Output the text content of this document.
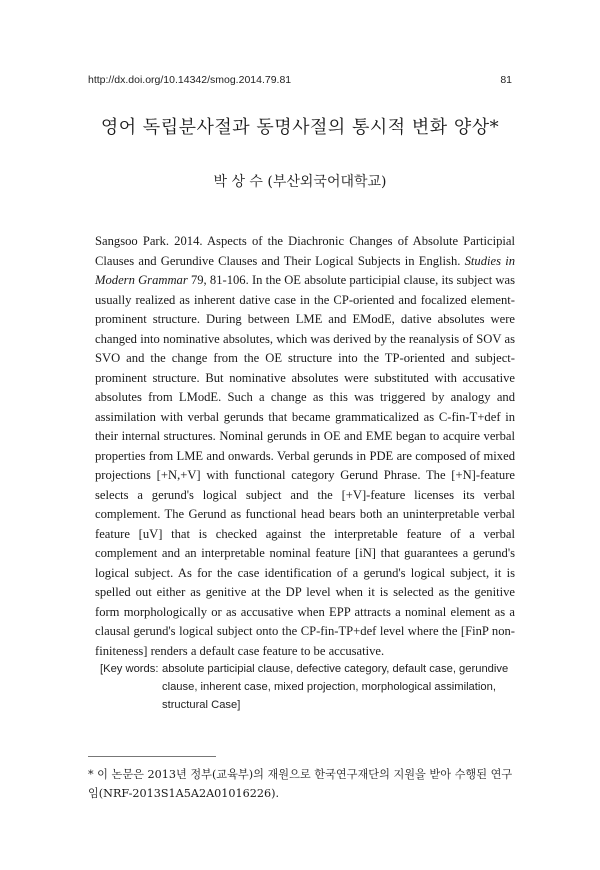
http://dx.doi.org/10.14342/smog.2014.79.81	81
영어 독립분사절과 동명사절의 통시적 변화 양상*
박 상 수 (부산외국어대학교)
Sangsoo Park. 2014. Aspects of the Diachronic Changes of Absolute Participial Clauses and Gerundive Clauses and Their Logical Subjects in English. Studies in Modern Grammar 79, 81-106. In the OE absolute participial clause, its subject was usually realized as inherent dative case in the CP-oriented and focalized element-prominent structure. During between LME and EModE, dative absolutes were changed into nominative absolutes, which was derived by the reanalysis of SOV as SVO and the change from the OE structure into the TP-oriented and subject-prominent structure. But nominative absolutes were substituted with accusative absolutes from LModE. Such a change as this was triggered by analogy and assimilation with verbal gerunds that became grammaticalized as C-fin-T+def in their internal structures. Nominal gerunds in OE and EME began to acquire verbal properties from LME and onwards. Verbal gerunds in PDE are composed of mixed projections [+N,+V] with functional category Gerund Phrase. The [+N]-feature selects a gerund's logical subject and the [+V]-feature licenses its verbal complement. The Gerund as functional head bears both an uninterpretable verbal feature [uV] that is checked against the interpretable feature of a verbal complement and an interpretable nominal feature [iN] that guarantees a gerund's logical subject. As for the case identification of a gerund's logical subject, it is spelled out either as genitive at the DP level when it is selected as the genitive form morphologically or as accusative when EPP attracts a nominal element as a clausal gerund's logical subject onto the CP-fin-TP+def level where the [FinP non-finiteness] renders a default case feature to be accusative.
[Key words: absolute participial clause, defective category, default case, gerundive clause, inherent case, mixed projection, morphological assimilation, structural Case]
* 이 논문은 2013년 정부(교육부)의 재원으로 한국연구재단의 지원을 받아 수행된 연구임(NRF-2013S1A5A2A01016226).
